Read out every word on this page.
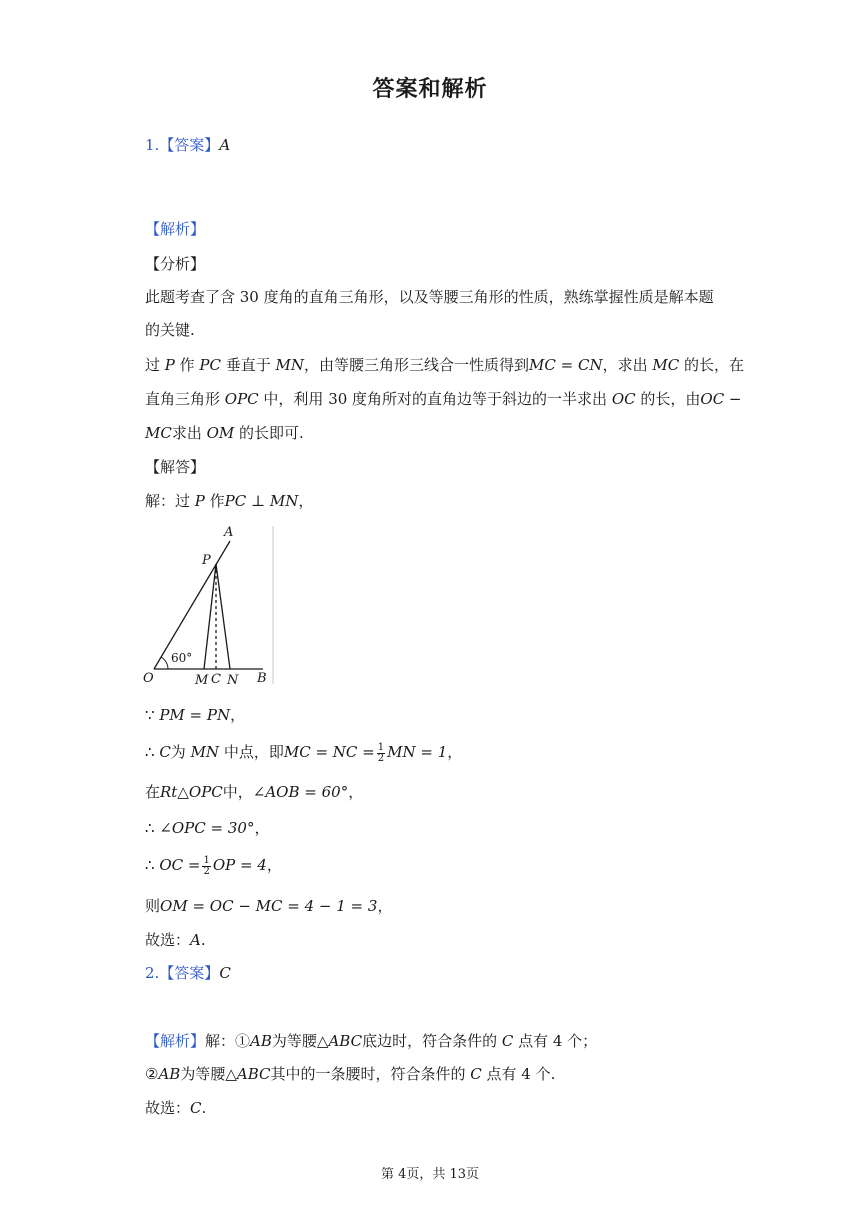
答案和解析
1.【答案】A
【解析】
【分析】
此题考查了含 30 度角的直角三角形，以及等腰三角形的性质，熟练掌握性质是解本题
的关键.
过 P 作 PC 垂直于 MN，由等腰三角形三线合一性质得到MC = CN，求出 MC 的长，在
直角三角形 OPC 中，利用 30 度角所对的直角边等于斜边的一半求出 OC 的长，由OC −
MC求出 OM 的长即可.
【解答】
解：过 P 作PC ⊥ MN，
A
P
60°
O	M C N B
∵ PM = PN，
∴ C为 MN 中点，即MC = NC = $\frac{1}{2}$ MN = 1，
在Rt△OPC中，∠AOB = 60°，
∴ ∠OPC = 30°，
∴ OC = $\frac{1}{2}$ OP = 4，
则OM = OC − MC = 4 − 1 = 3，
故选：A.
2.【答案】C
【解析】解：①AB为等腰△ABC底边时，符合条件的 C 点有 4 个；
②AB为等腰△ABC其中的一条腰时，符合条件的 C 点有 4 个.
故选：C.
第 4页，共 13页
